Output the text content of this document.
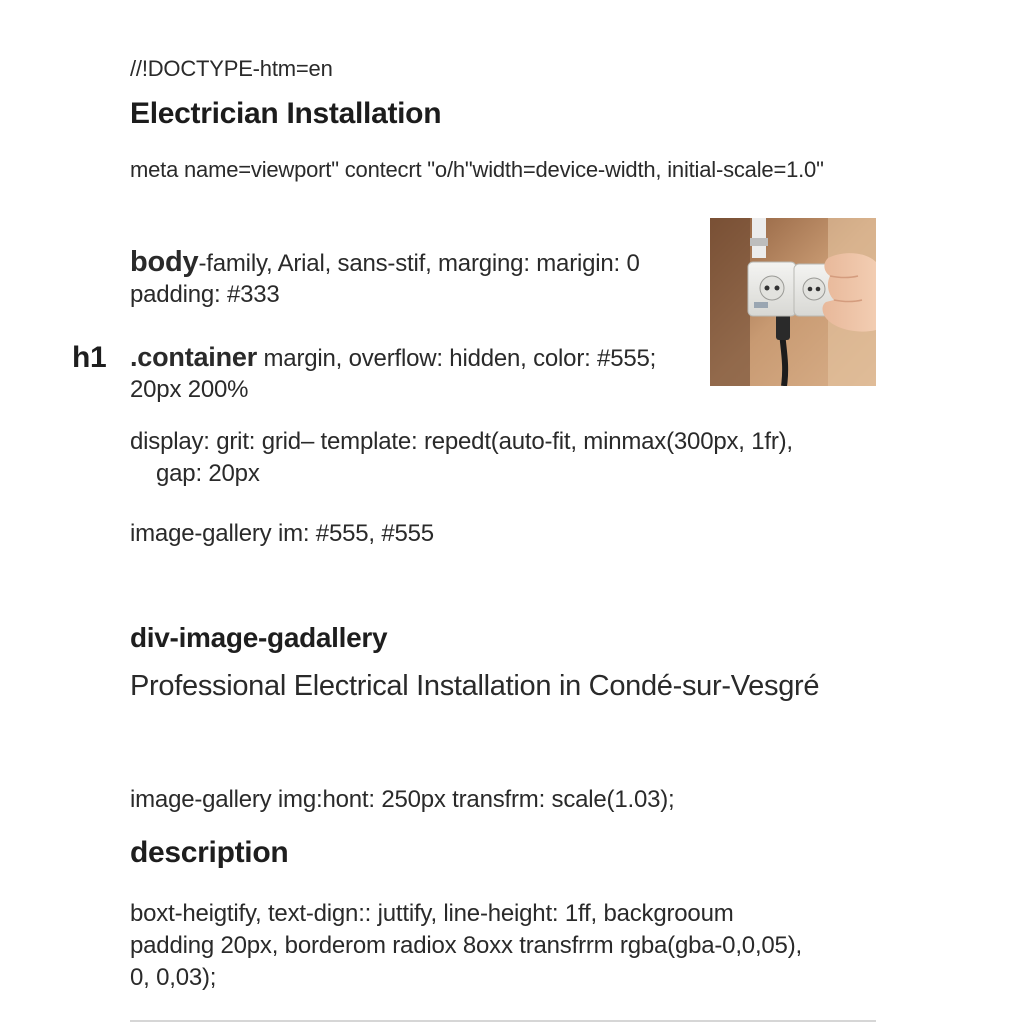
//!DOCTYPE-htm=en

Electrician Installation

meta name=viewport" contecrt "o/h"width=device-width, initial-scale=1.0"

body-family, Arial, sans-stif, marging: marigin: 0

padding: #333

h1 .container margin, overflow: hidden, color: #555;

20px 200%

display: grit: grid– template: repedt(auto-fit, minmax(300px, 1fr),

gap: 20px

image-gallery im: #555, #555

div-image-gadallery

Professional Electrical Installation in Condé-sur-Vesgré

image-gallery img:hont: 250px transfrm: scale(1.03);

description

boxt-heigtify, text-dign:: juttify, line-height: 1ff, backgrooum

padding 20px, borderom radiox 8oxx transfrrm rgba(gba-0,0,05),

0, 0,03);
